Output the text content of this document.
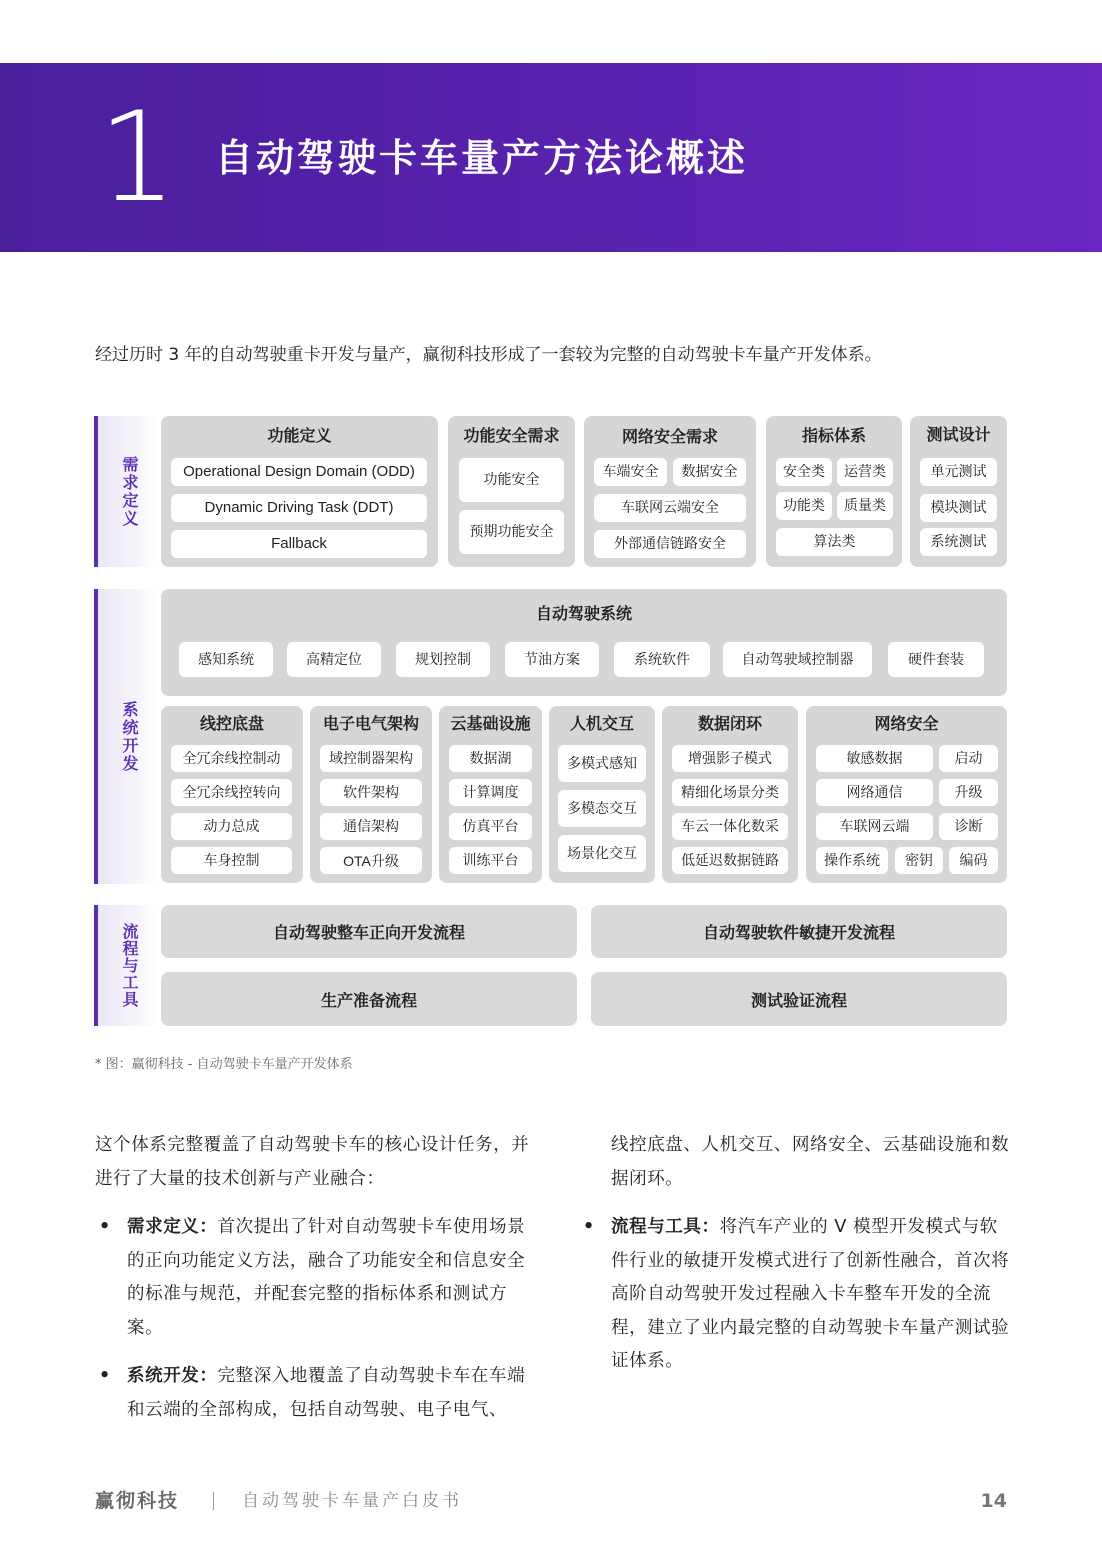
1 自动驾驶卡车量产方法论概述
经过历时 3 年的自动驾驶重卡开发与量产，赢彻科技形成了一套较为完整的自动驾驶卡车量产开发体系。
需求定义
功能定义
Operational Design Domain (ODD)
Dynamic Driving Task (DDT)
Fallback
功能安全需求
功能安全
预期功能安全
网络安全需求
车端安全	数据安全
车联网云端安全
外部通信链路安全
指标体系
安全类	运营类
功能类	质量类
算法类
测试设计
单元测试
模块测试
系统测试
系统开发
自动驾驶系统
感知系统	高精定位	规划控制	节油方案	系统软件	自动驾驶域控制器	硬件套装
线控底盘
全冗余线控制动
全冗余线控转向
动力总成
车身控制
电子电气架构
域控制器架构
软件架构
通信架构
OTA升级
云基础设施
数据湖
计算调度
仿真平台
训练平台
人机交互
多模式感知
多模态交互
场景化交互
数据闭环
增强影子模式
精细化场景分类
车云一体化数采
低延迟数据链路
网络安全
敏感数据	启动
网络通信	升级
车联网云端	诊断
操作系统	密钥	编码
流程与工具	自动驾驶整车正向开发流程	自动驾驶软件敏捷开发流程
生产准备流程	测试验证流程
* 图：赢彻科技 - 自动驾驶卡车量产开发体系
这个体系完整覆盖了自动驾驶卡车的核心设计任务，并进行了大量的技术创新与产业融合：
• 需求定义：首次提出了针对自动驾驶卡车使用场景的正向功能定义方法，融合了功能安全和信息安全的标准与规范，并配套完整的指标体系和测试方案。
• 系统开发：完整深入地覆盖了自动驾驶卡车在车端和云端的全部构成，包括自动驾驶、电子电气、
线控底盘、人机交互、网络安全、云基础设施和数据闭环。
• 流程与工具：将汽车产业的 V 模型开发模式与软件行业的敏捷开发模式进行了创新性融合，首次将高阶自动驾驶开发过程融入卡车整车开发的全流程，建立了业内最完整的自动驾驶卡车量产测试验证体系。
赢彻科技	自动驾驶卡车量产白皮书	14
